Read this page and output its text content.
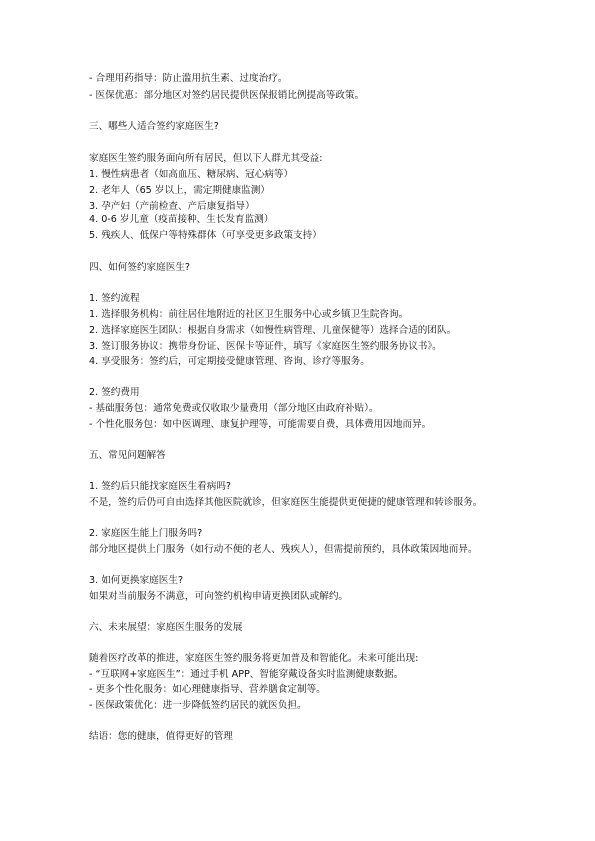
- 合理用药指导：防止滥用抗生素、过度治疗。
- 医保优惠：部分地区对签约居民提供医保报销比例提高等政策。
三、哪些人适合签约家庭医生?
家庭医生签约服务面向所有居民，但以下人群尤其受益:
1. 慢性病患者（如高血压、糖尿病、冠心病等）
2. 老年人（65 岁以上，需定期健康监测）
3. 孕产妇（产前检查、产后康复指导）
4. 0-6 岁儿童（疫苗接种、生长发育监测）
5. 残疾人、低保户等特殊群体（可享受更多政策支持）
四、如何签约家庭医生?
1. 签约流程
1. 选择服务机构：前往居住地附近的社区卫生服务中心或乡镇卫生院咨询。
2. 选择家庭医生团队：根据自身需求（如慢性病管理、儿童保健等）选择合适的团队。
3. 签订服务协议：携带身份证、医保卡等证件，填写《家庭医生签约服务协议书》。
4. 享受服务：签约后，可定期接受健康管理、咨询、诊疗等服务。
2. 签约费用
- 基础服务包：通常免费或仅收取少量费用（部分地区由政府补贴）。
- 个性化服务包：如中医调理、康复护理等，可能需要自费，具体费用因地而异。
五、常见问题解答
1. 签约后只能找家庭医生看病吗?
不是，签约后仍可自由选择其他医院就诊，但家庭医生能提供更便捷的健康管理和转诊服务。
2. 家庭医生能上门服务吗?
部分地区提供上门服务（如行动不便的老人、残疾人），但需提前预约，具体政策因地而异。
3. 如何更换家庭医生?
如果对当前服务不满意，可向签约机构申请更换团队或解约。
六、未来展望：家庭医生服务的发展
随着医疗改革的推进，家庭医生签约服务将更加普及和智能化。未来可能出现:
- “互联网+家庭医生”：通过手机 APP、智能穿戴设备实时监测健康数据。
- 更多个性化服务：如心理健康指导、营养膳食定制等。
- 医保政策优化：进一步降低签约居民的就医负担。
结语：您的健康，值得更好的管理
